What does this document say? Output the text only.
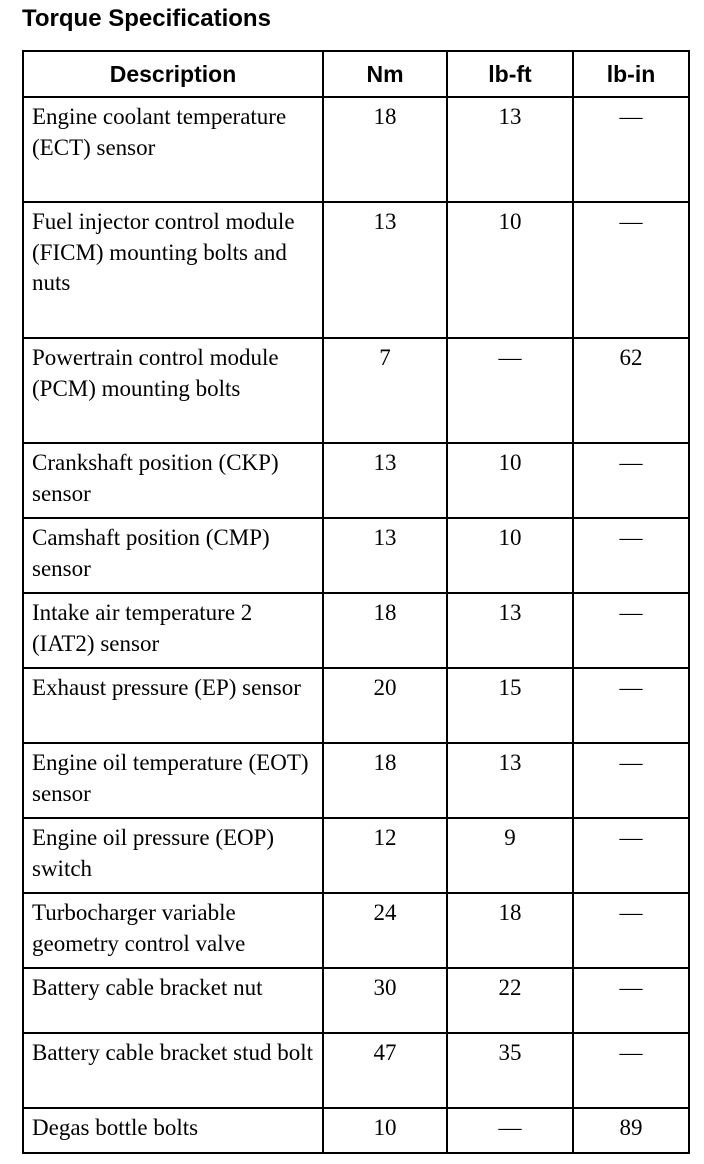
Torque Specifications
Description	Nm	lb-ft	lb-in
Engine coolant temperature (ECT) sensor	18	13	—
Fuel injector control module (FICM) mounting bolts and nuts	13	10	—
Powertrain control module (PCM) mounting bolts	7	—	62
Crankshaft position (CKP) sensor	13	10	—
Camshaft position (CMP) sensor	13	10	—
Intake air temperature 2 (IAT2) sensor	18	13	—
Exhaust pressure (EP) sensor	20	15	—
Engine oil temperature (EOT) sensor	18	13	—
Engine oil pressure (EOP) switch	12	9	—
Turbocharger variable geometry control valve	24	18	—
Battery cable bracket nut	30	22	—
Battery cable bracket stud bolt	47	35	—
Degas bottle bolts	10	—	89
